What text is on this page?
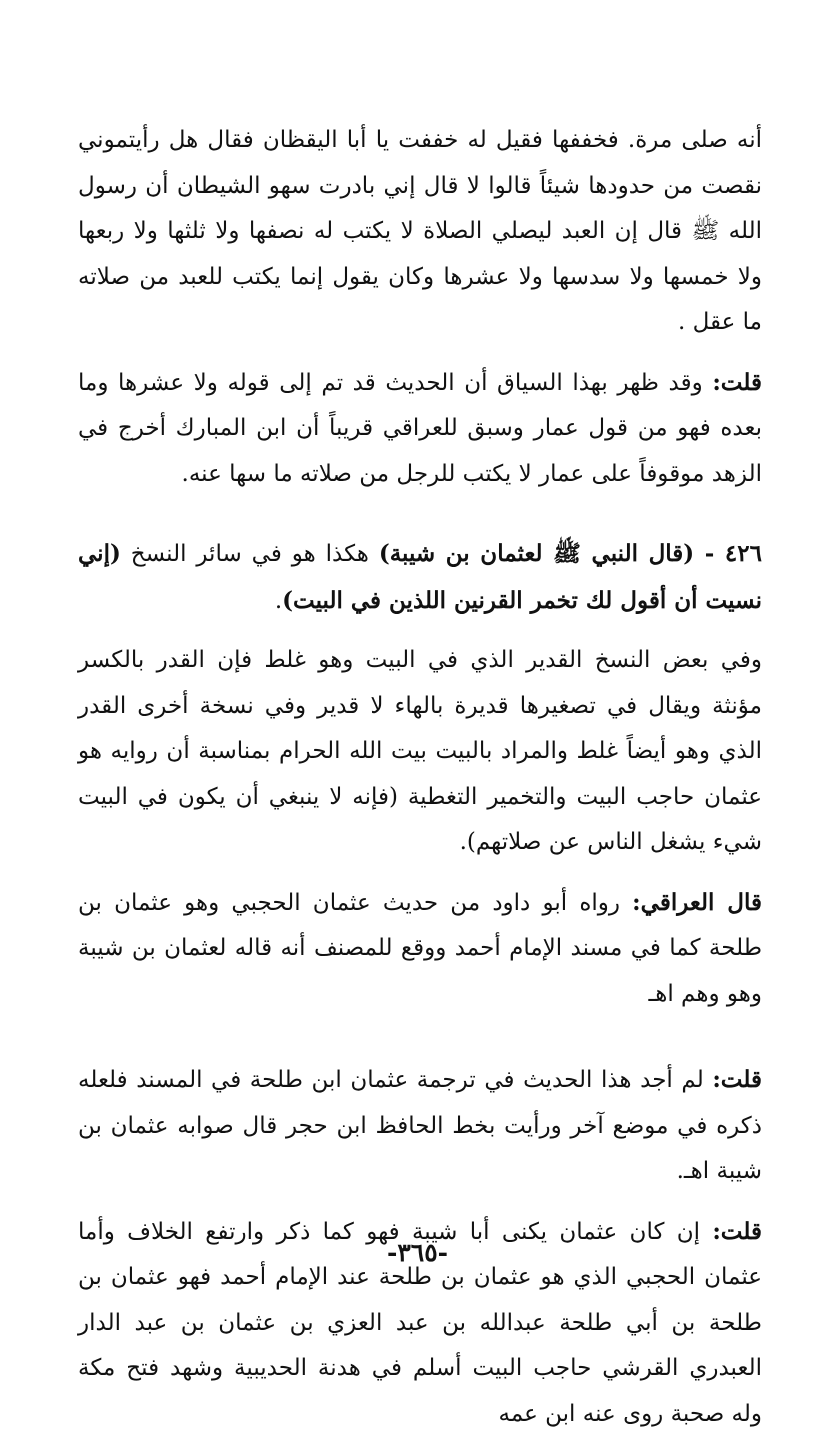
أنه صلى مرة. فخففها فقيل له خففت يا أبا اليقظان فقال هل رأيتموني نقصت من حدودها شيئاً قالوا لا قال إني بادرت سهو الشيطان أن رسول الله ﷺ قال إن العبد ليصلي الصلاة لا يكتب له نصفها ولا ثلثها ولا ربعها ولا خمسها ولا سدسها ولا عشرها وكان يقول إنما يكتب للعبد من صلاته ما عقل .

قلت: وقد ظهر بهذا السياق أن الحديث قد تم إلى قوله ولا عشرها وما بعده فهو من قول عمار وسبق للعراقي قريباً أن ابن المبارك أخرج في الزهد موقوفاً على عمار لا يكتب للرجل من صلاته ما سها عنه.

٤٢٦ - (قال النبي ﷺ لعثمان بن شيبة) هكذا هو في سائر النسخ (إني نسيت أن أقول لك تخمر القرنين اللذين في البيت).

وفي بعض النسخ القدير الذي في البيت وهو غلط فإن القدر بالكسر مؤنثة ويقال في تصغيرها قديرة بالهاء لا قدير وفي نسخة أخرى القدر الذي وهو أيضاً غلط والمراد بالبيت بيت الله الحرام بمناسبة أن روايه هو عثمان حاجب البيت والتخمير التغطية (فإنه لا ينبغي أن يكون في البيت شيء يشغل الناس عن صلاتهم).

قال العراقي: رواه أبو داود من حديث عثمان الحجبي وهو عثمان بن طلحة كما في مسند الإمام أحمد ووقع للمصنف أنه قاله لعثمان بن شيبة وهو وهم اهـ

قلت: لم أجد هذا الحديث في ترجمة عثمان ابن طلحة في المسند فلعله ذكره في موضع آخر ورأيت بخط الحافظ ابن حجر قال صوابه عثمان بن شيبة اهـ.

قلت: إن كان عثمان يكنى أبا شيبة فهو كما ذكر وارتفع الخلاف وأما عثمان الحجبي الذي هو عثمان بن طلحة عند الإمام أحمد فهو عثمان بن طلحة بن أبي طلحة عبدالله بن عبد العزي بن عثمان بن عبد الدار العبدري القرشي حاجب البيت أسلم في هدنة الحديبية وشهد فتح مكة وله صحبة روى عنه ابن عمه

-٣٦٥-
